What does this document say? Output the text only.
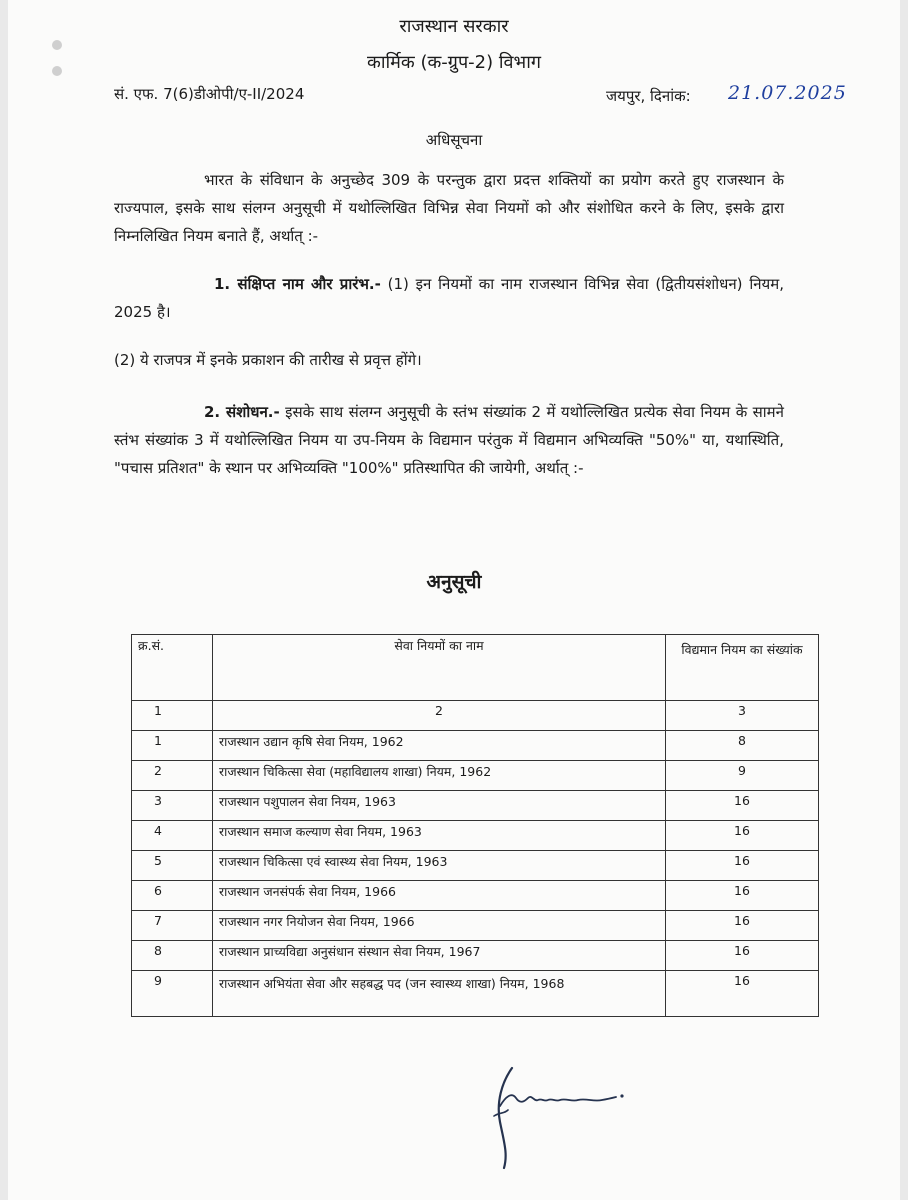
राजस्थान सरकार
कार्मिक (क-ग्रुप-2) विभाग
सं. एफ. 7(6)डीओपी/ए-II/2024	जयपुर, दिनांक: 21.07.2025
अधिसूचना
भारत के संविधान के अनुच्छेद 309 के परन्तुक द्वारा प्रदत्त शक्तियों का प्रयोग करते हुए राजस्थान के राज्यपाल, इसके साथ संलग्न अनुसूची में यथोल्लिखित विभिन्न सेवा नियमों को और संशोधित करने के लिए, इसके द्वारा निम्नलिखित नियम बनाते हैं, अर्थात् :-
1. संक्षिप्त नाम और प्रारंभ.- (1) इन नियमों का नाम राजस्थान विभिन्न सेवा (द्वितीयसंशोधन) नियम, 2025 है।
(2) ये राजपत्र में इनके प्रकाशन की तारीख से प्रवृत्त होंगे।
2. संशोधन.- इसके साथ संलग्न अनुसूची के स्तंभ संख्यांक 2 में यथोल्लिखित प्रत्येक सेवा नियम के सामने स्तंभ संख्यांक 3 में यथोल्लिखित नियम या उप-नियम के विद्यमान परंतुक में विद्यमान अभिव्यक्ति "50%" या, यथास्थिति, "पचास प्रतिशत" के स्थान पर अभिव्यक्ति "100%" प्रतिस्थापित की जायेगी, अर्थात् :-
अनुसूची
क्र.सं.	सेवा नियमों का नाम	विद्यमान नियम का संख्यांक
1	2	3
1	राजस्थान उद्यान कृषि सेवा नियम, 1962	8
2	राजस्थान चिकित्सा सेवा (महाविद्यालय शाखा) नियम, 1962	9
3	राजस्थान पशुपालन सेवा नियम, 1963	16
4	राजस्थान समाज कल्याण सेवा नियम, 1963	16
5	राजस्थान चिकित्सा एवं स्वास्थ्य सेवा नियम, 1963	16
6	राजस्थान जनसंपर्क सेवा नियम, 1966	16
7	राजस्थान नगर नियोजन सेवा नियम, 1966	16
8	राजस्थान प्राच्यविद्या अनुसंधान संस्थान सेवा नियम, 1967	16
9	राजस्थान अभियंता सेवा और सहबद्ध पद (जन स्वास्थ्य शाखा) नियम, 1968	16
